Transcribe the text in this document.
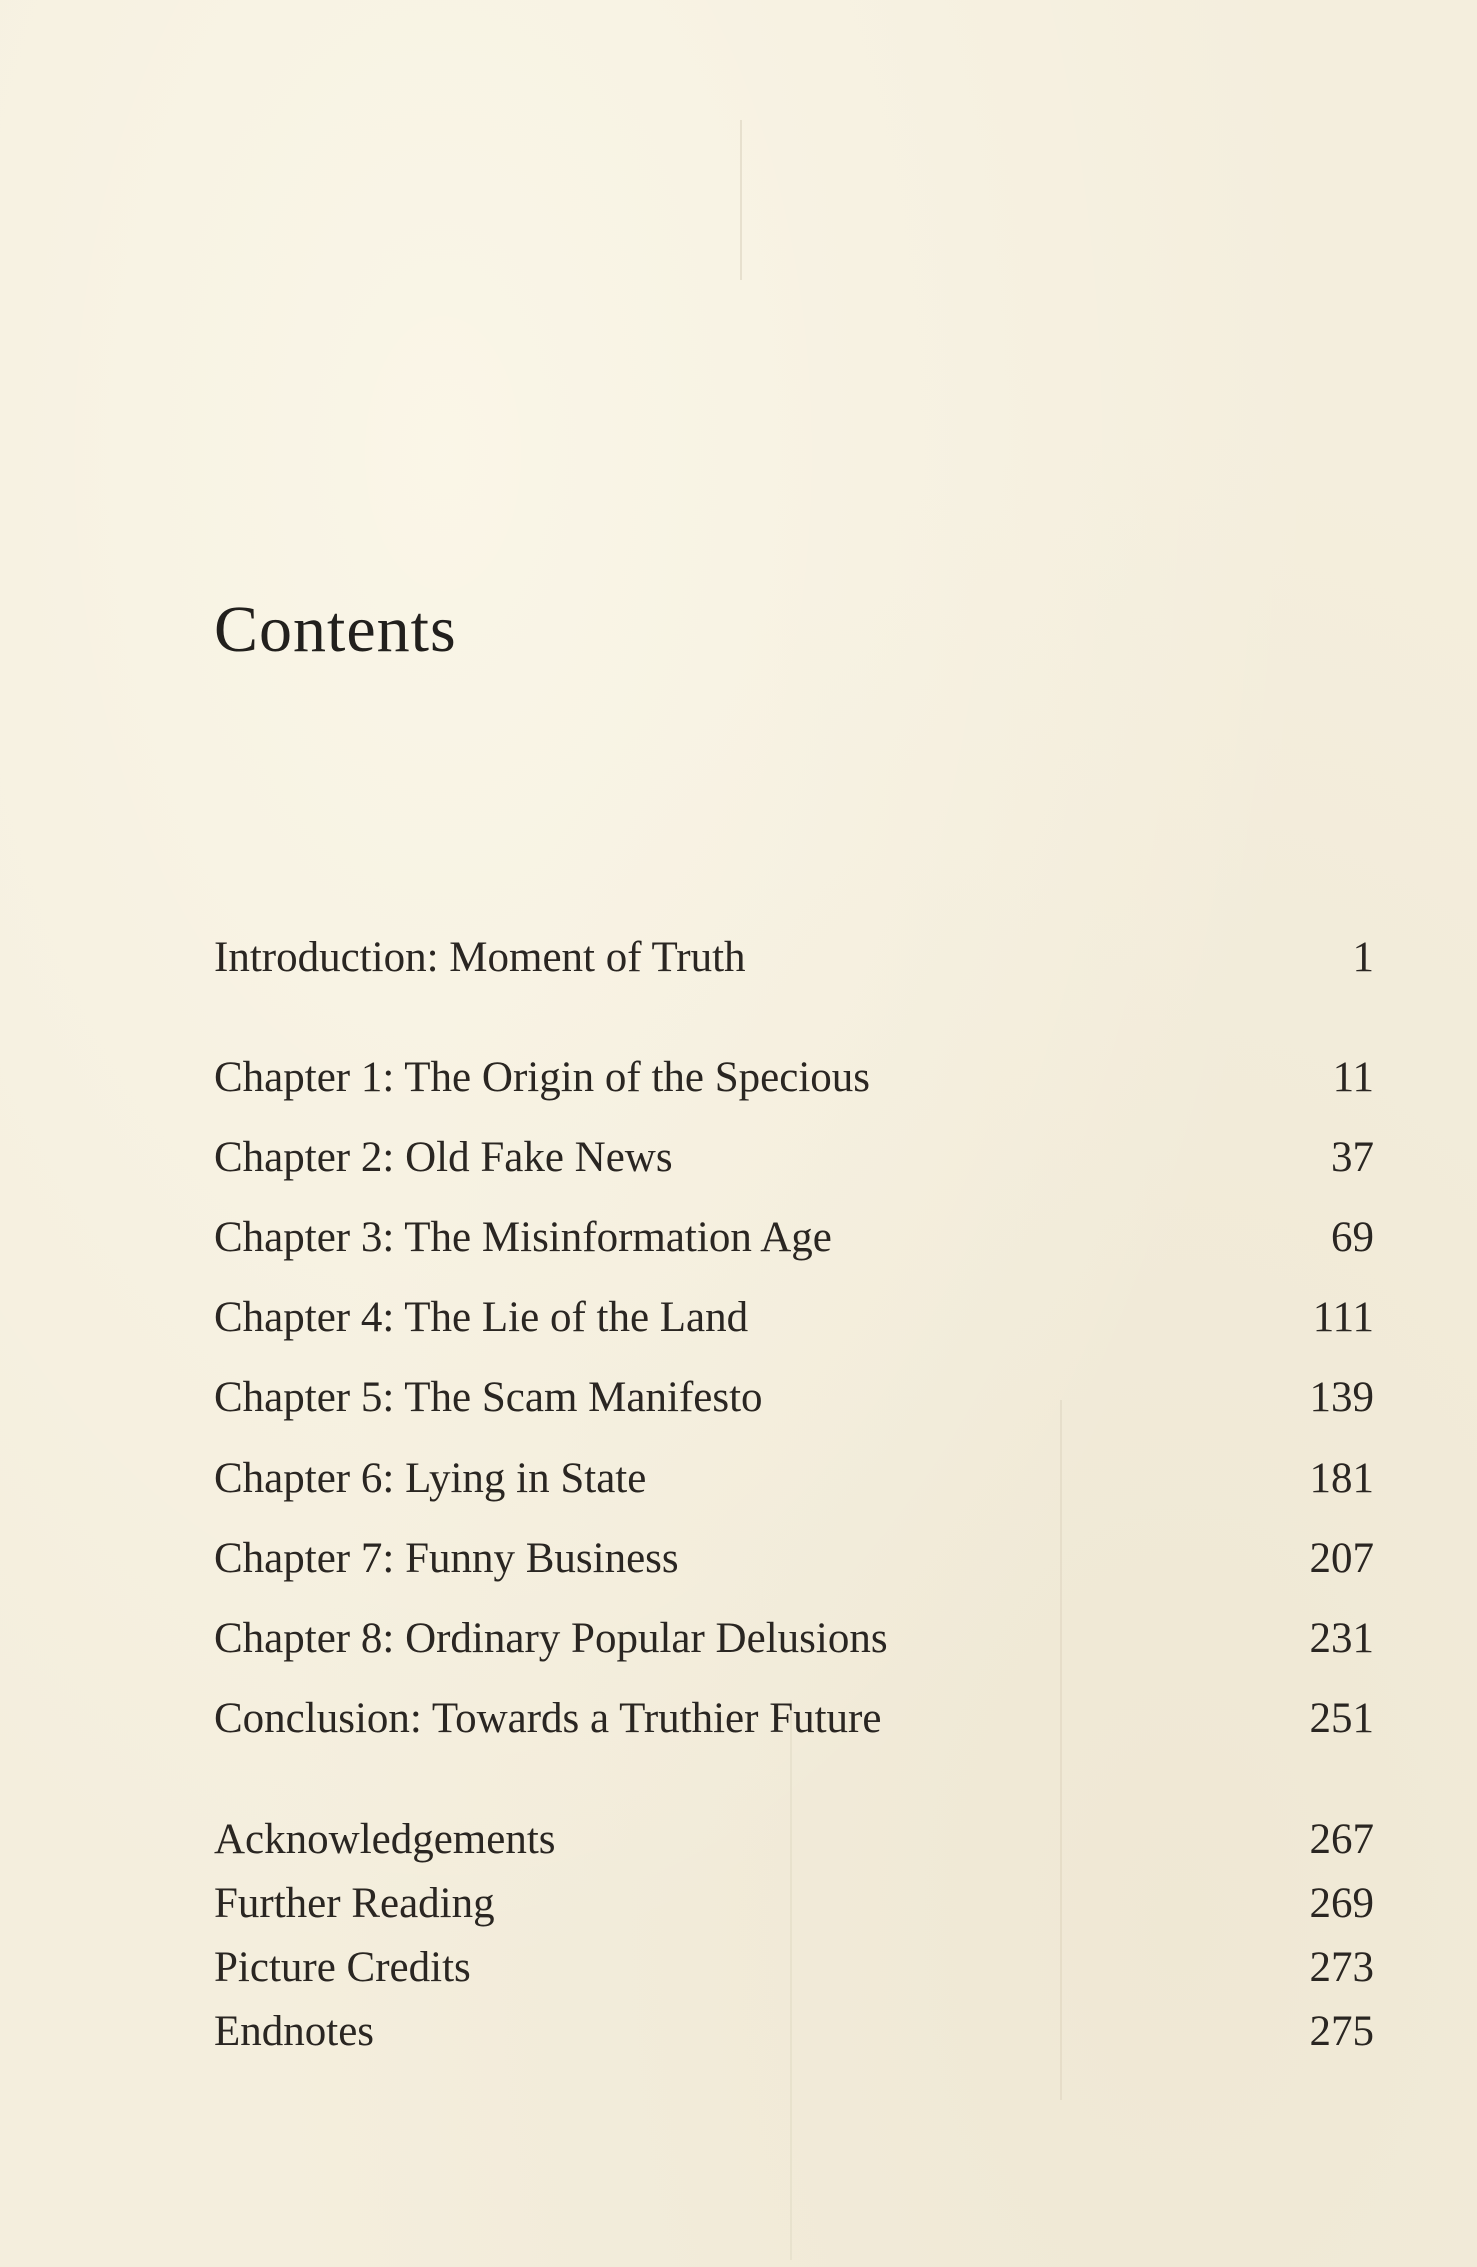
Contents
Introduction: Moment of Truth	1
Chapter 1: The Origin of the Specious	11
Chapter 2: Old Fake News	37
Chapter 3: The Misinformation Age	69
Chapter 4: The Lie of the Land	111
Chapter 5: The Scam Manifesto	139
Chapter 6: Lying in State	181
Chapter 7: Funny Business	207
Chapter 8: Ordinary Popular Delusions	231
Conclusion: Towards a Truthier Future	251
Acknowledgements	267
Further Reading	269
Picture Credits	273
Endnotes	275
